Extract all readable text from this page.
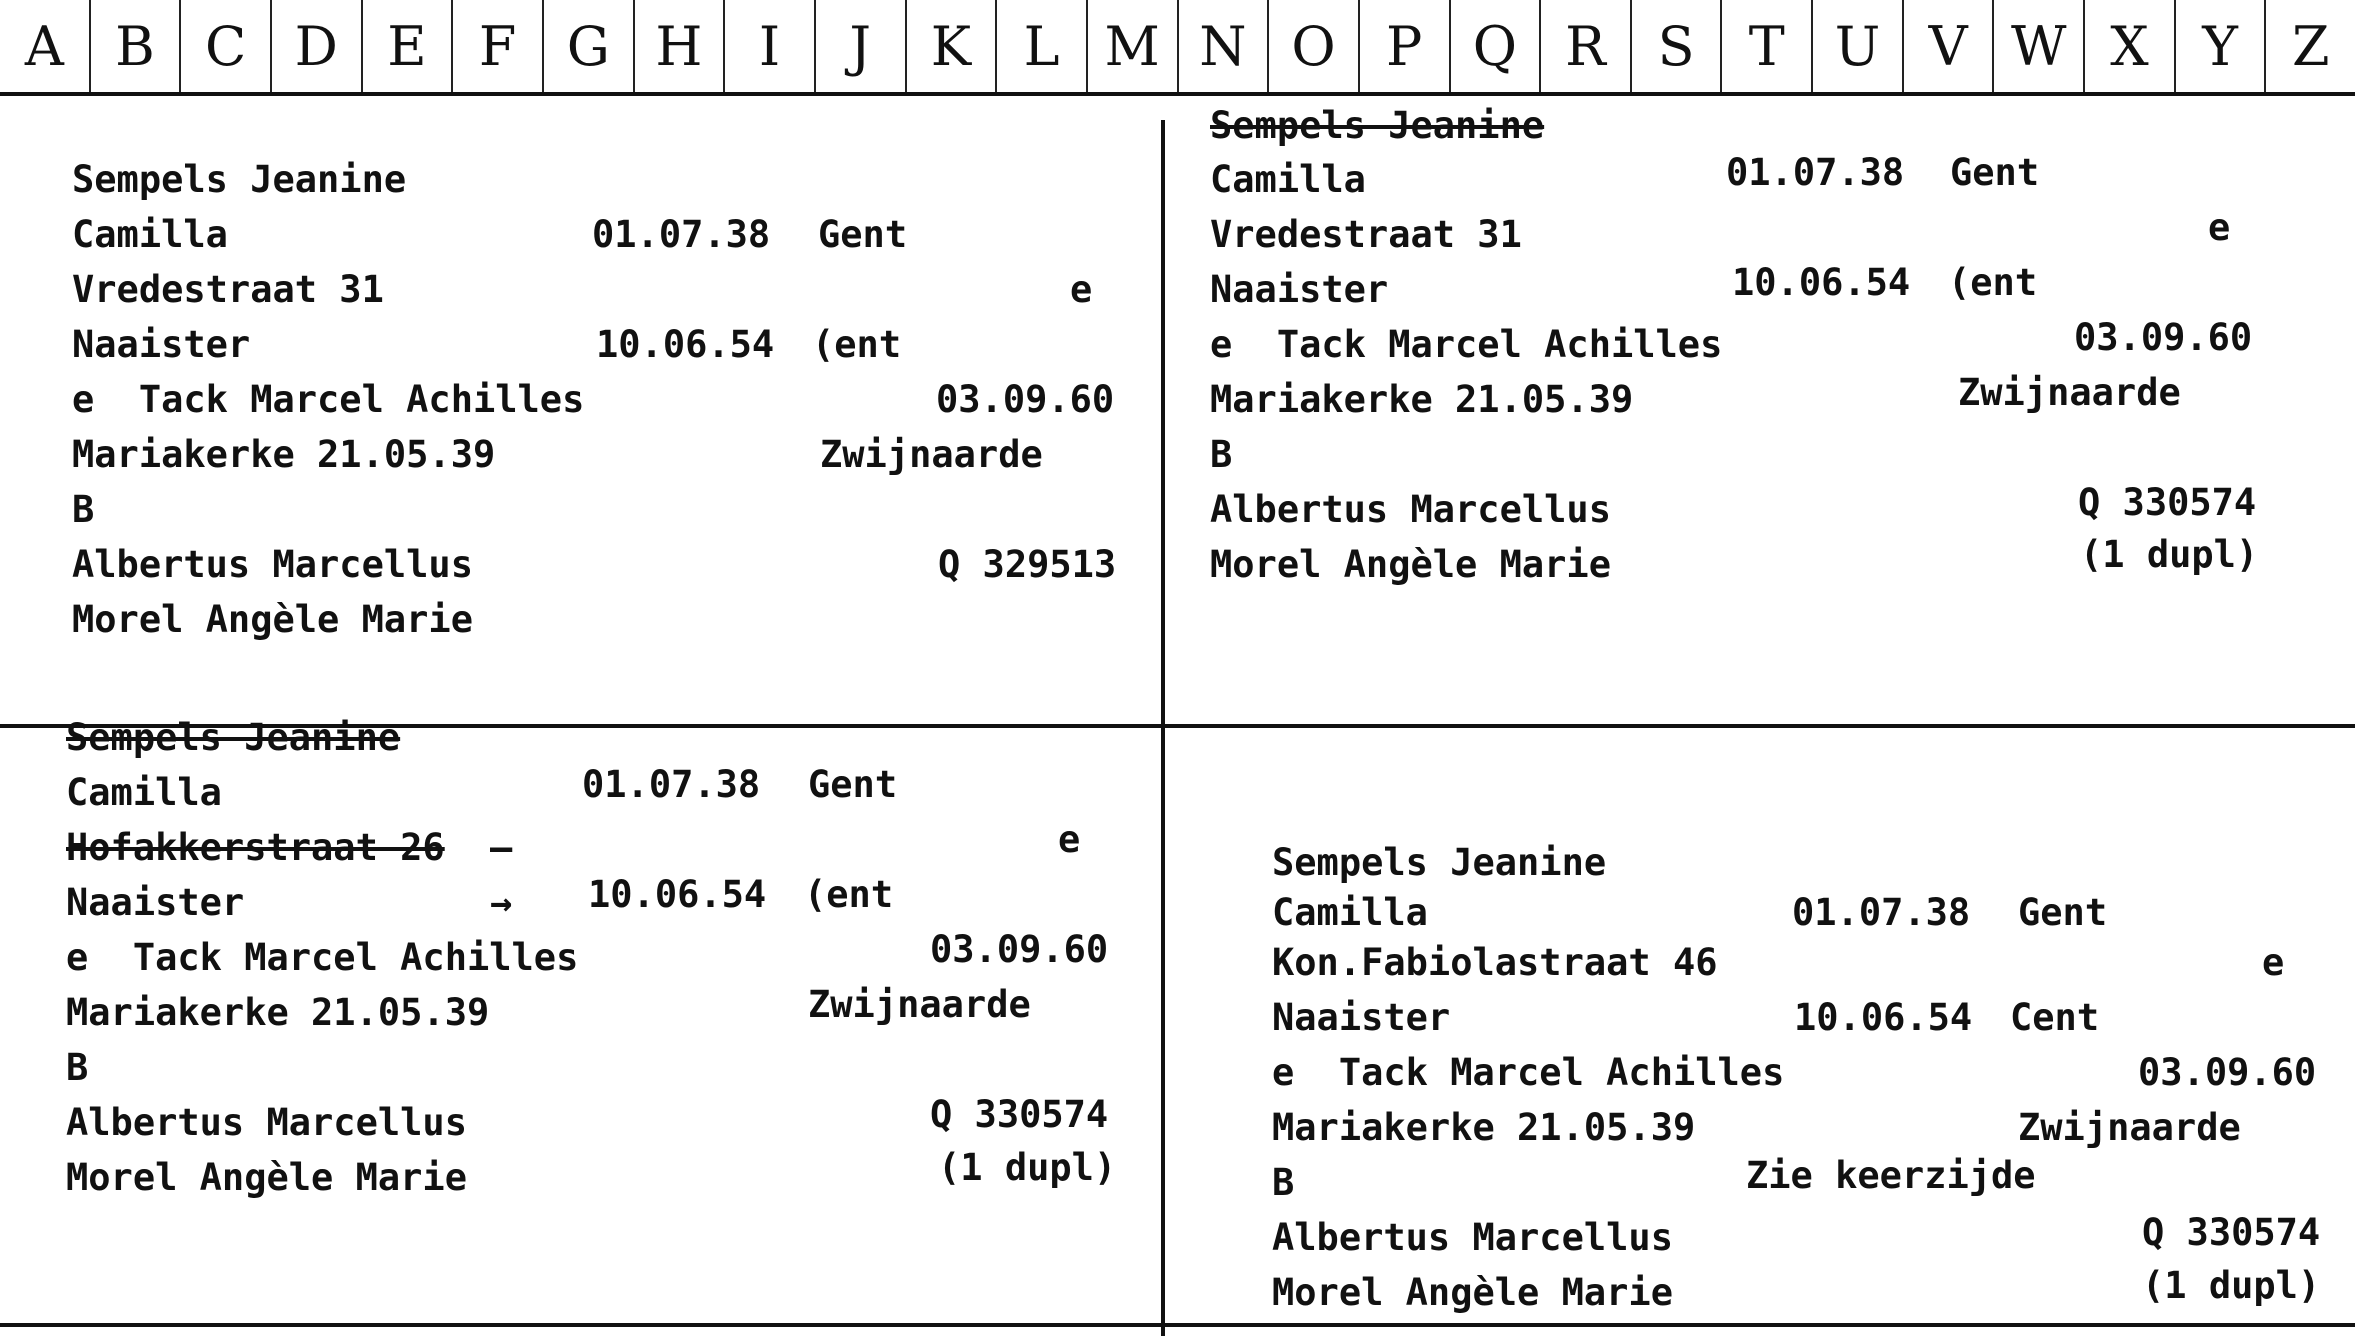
A B C D E F G H	I	J	K L M N O P Q R S	T U V W X Y	Z
Sempels Jeanine
Camilla	01.07.38 Gent
Vredestraat 31	e
Naaister	10.06.54 (ent
e  Tack Marcel Achilles	03.09.60
Mariakerke 21.05.39	Zwijnaarde
B
Albertus Marcellus	Q 329513
Morel Angèle Marie
Sempels Jeanine
Camilla	01.07.38 Gent
Vredestraat 31	e
Naaister	10.06.54 (ent
e  Tack Marcel Achilles	03.09.60
Mariakerke 21.05.39	Zwijnaarde
B
Albertus Marcellus	Q 330574
Morel Angèle Marie	(1 dupl)
Sempels Jeanine
Camilla	01.07.38 Gent
Hofakkerstraat 26 —→
e
Naaister	10.06.54 (ent
e  Tack Marcel Achilles	03.09.60
Mariakerke 21.05.39	Zwijnaarde
B
Albertus Marcellus	Q 330574
Morel Angèle Marie	(1 dupl)
Sempels Jeanine
Camilla	01.07.38 Gent
Kon.Fabiolastraat 46	e
Naaister	10.06.54 Cent
e  Tack Marcel Achilles	03.09.60
Mariakerke 21.05.39	Zwijnaarde
B	Zie keerzijde
Albertus Marcellus	Q 330574
Morel Angèle Marie	(1 dupl)
